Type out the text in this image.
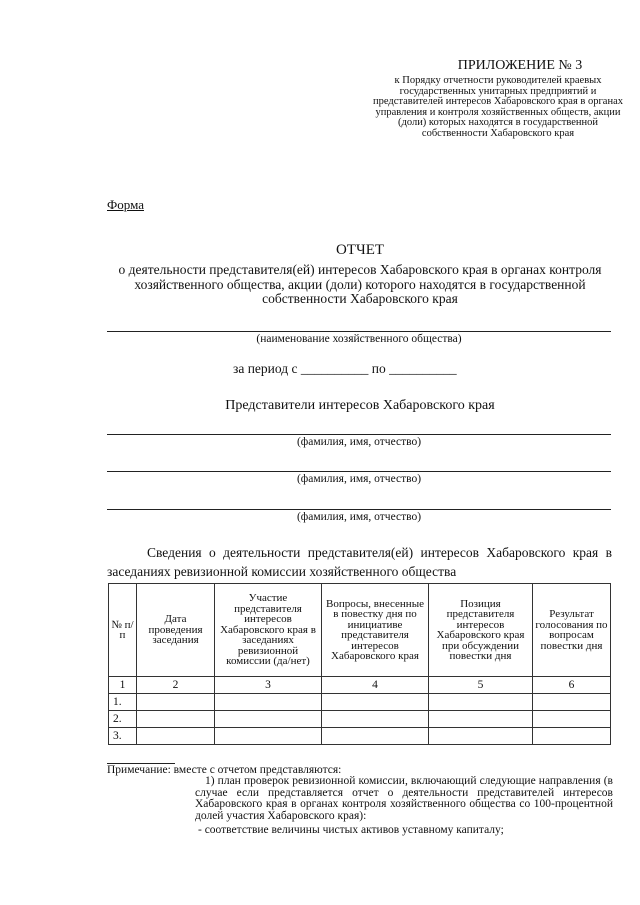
ПРИЛОЖЕНИЕ № 3
к Порядку отчетности руководителей краевых государственных унитарных предприятий и представителей интересов Хабаровского края в органах управления и контроля хозяйственных обществ, акции (доли) которых находятся в государственной собственности Хабаровского края
Форма
ОТЧЕТ
о деятельности представителя(ей) интересов Хабаровского края в органах контроля хозяйственного общества, акции (доли) которого находятся в государственной собственности Хабаровского края
(наименование хозяйственного общества)
за период с __________ по __________
Представители интересов Хабаровского края
(фамилия, имя, отчество)
(фамилия, имя, отчество)
(фамилия, имя, отчество)
Сведения о деятельности представителя(ей) интересов Хабаровского края в заседаниях ревизионной комиссии хозяйственного общества
№ п/п	Дата проведения заседания	Участие представителя интересов Хабаровского края в заседаниях ревизионной комиссии (да/нет)	Вопросы, внесенные в повестку дня по инициативе представителя интересов Хабаровского края	Позиция представителя интересов Хабаровского края при обсуждении повестки дня	Результат голосования по вопросам повестки дня
1	2	3	4	5	6
1.					
2.					
3.					
Примечание: вместе с отчетом представляются:
1) план проверок ревизионной комиссии, включающий следующие направления (в случае если представляется отчет о деятельности представителей интересов Хабаровского края в органах контроля хозяйственного общества со 100-процентной долей участия Хабаровского края):
- соответствие величины чистых активов уставному капиталу;
